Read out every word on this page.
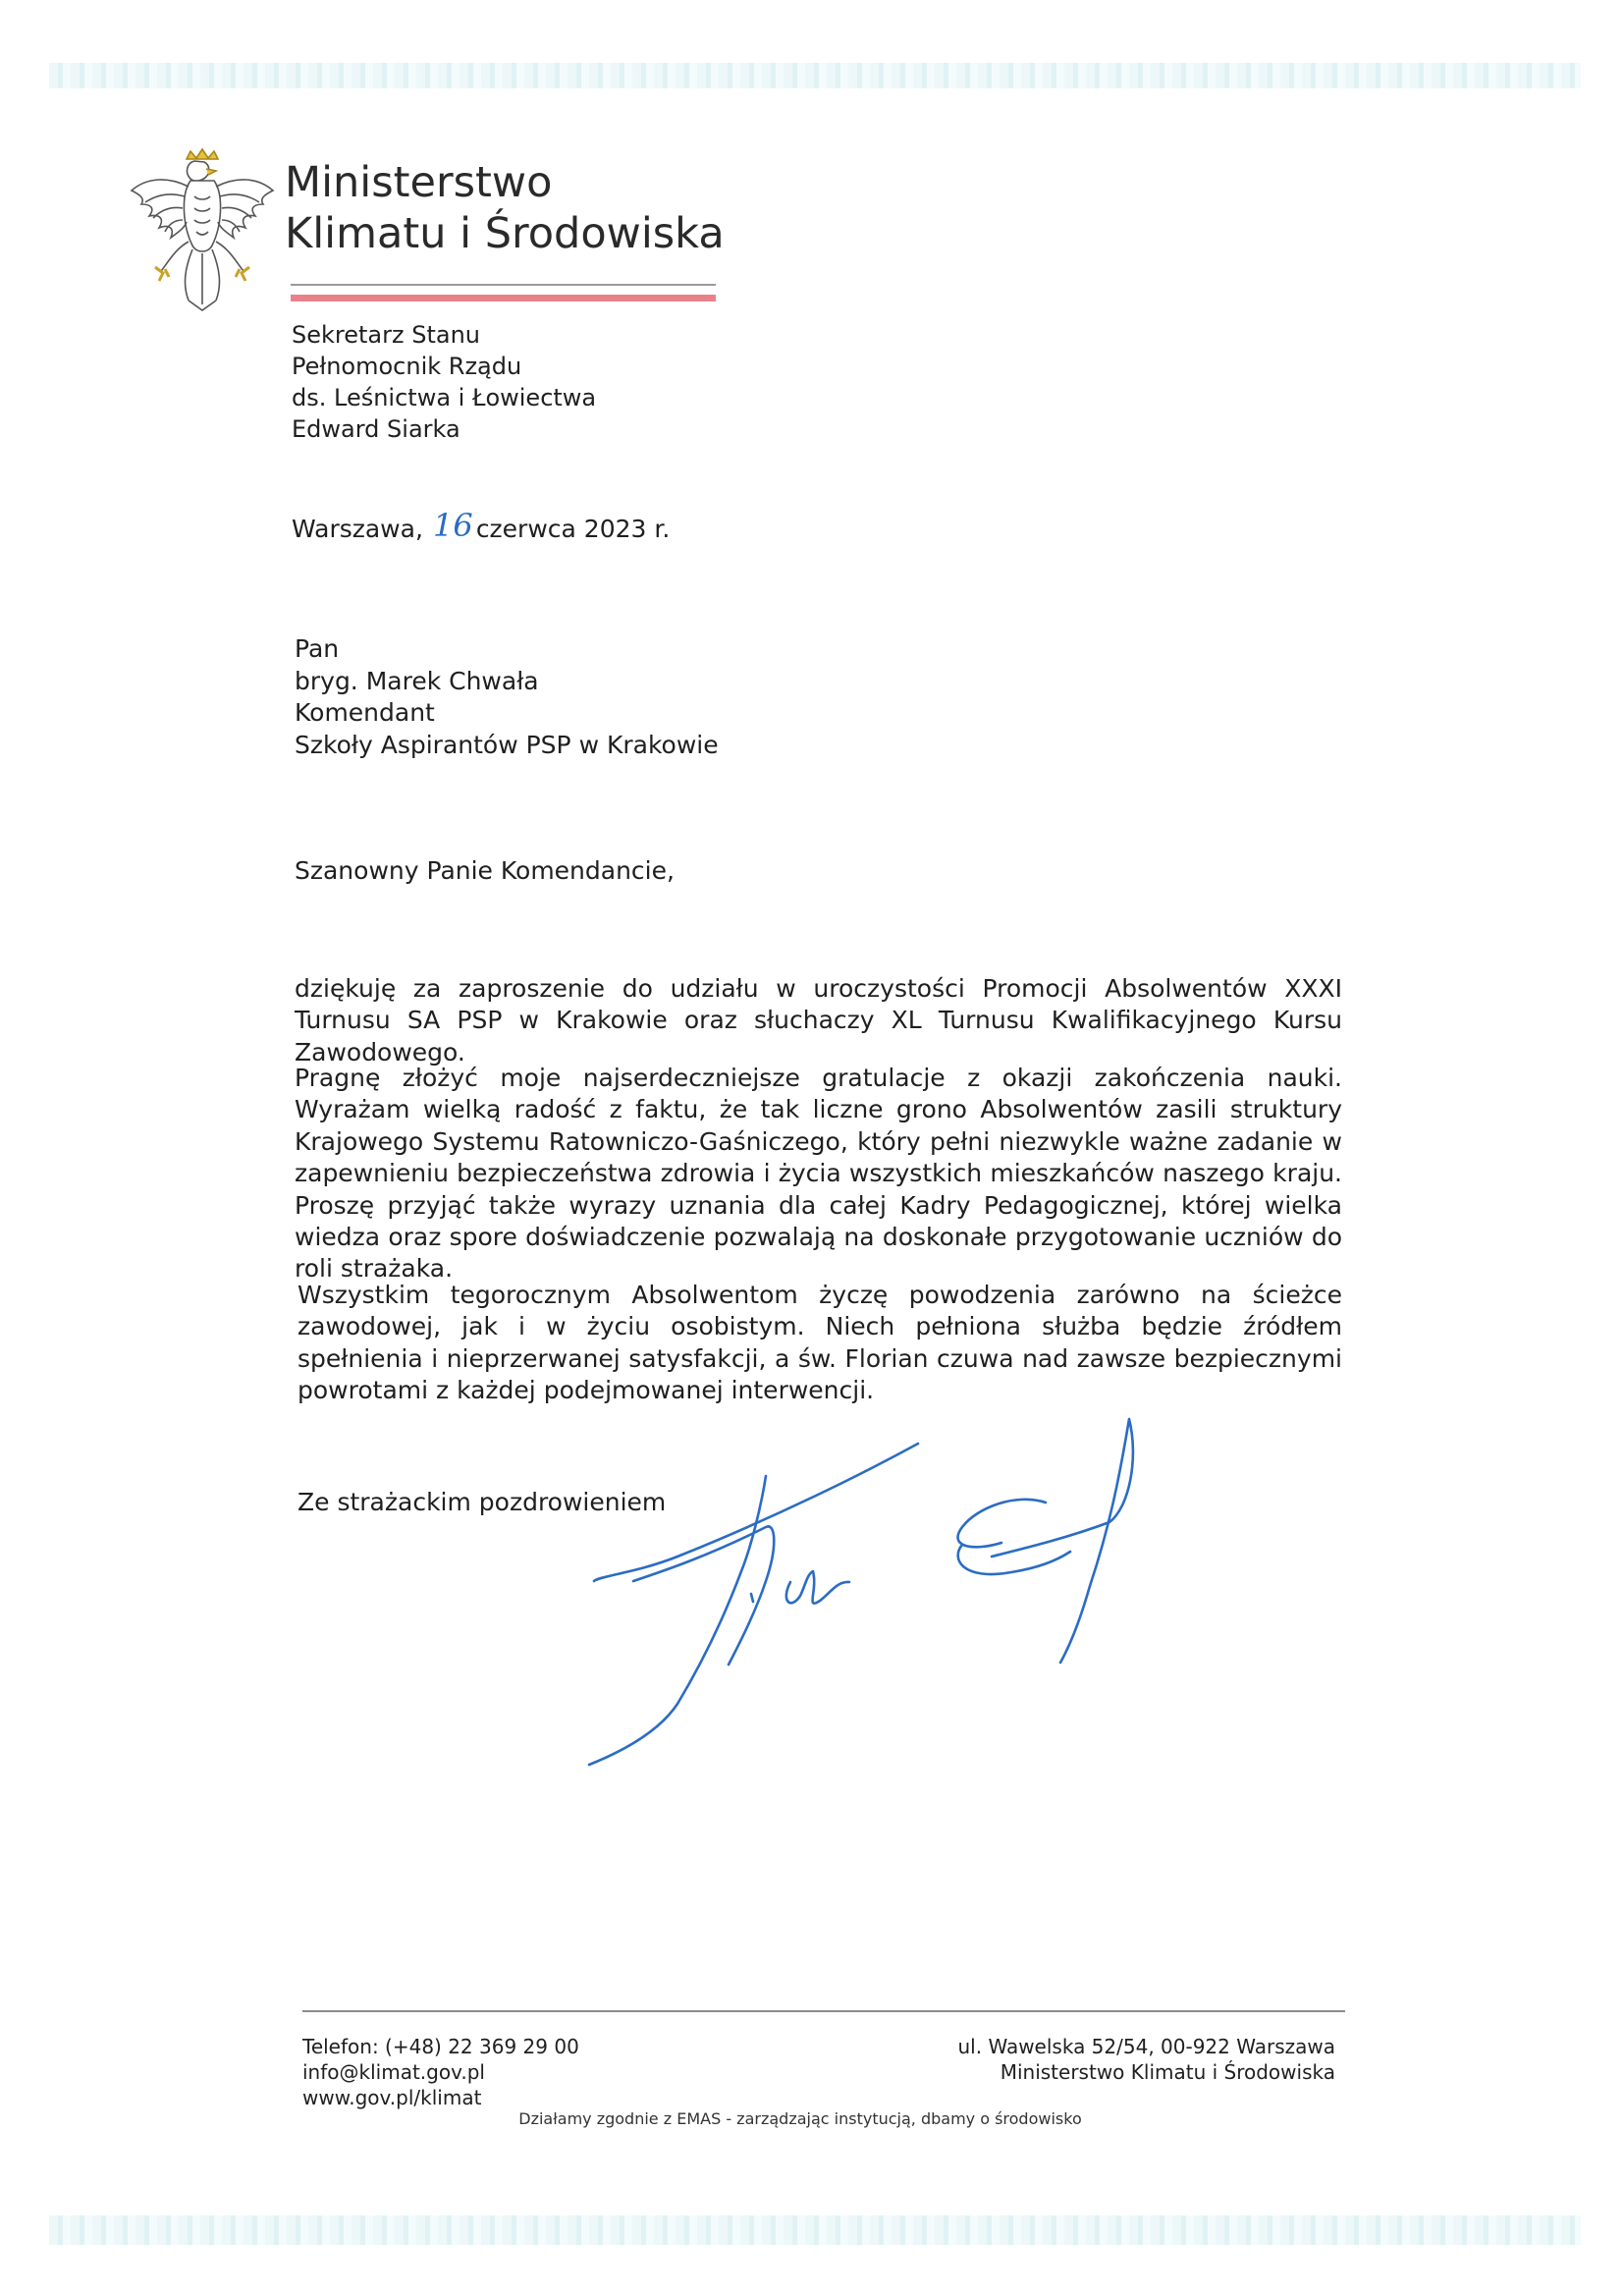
Ministerstwo
Klimatu i Środowiska
Sekretarz Stanu
Pełnomocnik Rządu
ds. Leśnictwa i Łowiectwa
Edward Siarka
Warszawa, 16 czerwca 2023 r.
Pan
bryg. Marek Chwała
Komendant
Szkoły Aspirantów PSP w Krakowie
Szanowny Panie Komendancie,
dziękuję za zaproszenie do udziału w uroczystości Promocji Absolwentów XXXI Turnusu SA PSP w Krakowie oraz słuchaczy XL Turnusu Kwalifikacyjnego Kursu Zawodowego.
Pragnę złożyć moje najserdeczniejsze gratulacje z okazji zakończenia nauki. Wyrażam wielką radość z faktu, że tak liczne grono Absolwentów zasili struktury Krajowego Systemu Ratowniczo-Gaśniczego, który pełni niezwykle ważne zadanie w zapewnieniu bezpieczeństwa zdrowia i życia wszystkich mieszkańców naszego kraju. Proszę przyjąć także wyrazy uznania dla całej Kadry Pedagogicznej, której wielka wiedza oraz spore doświadczenie pozwalają na doskonałe przygotowanie uczniów do roli strażaka.
Wszystkim tegorocznym Absolwentom życzę powodzenia zarówno na ścieżce zawodowej, jak i w życiu osobistym. Niech pełniona służba będzie źródłem spełnienia i nieprzerwanej satysfakcji, a św. Florian czuwa nad zawsze bezpiecznymi powrotami z każdej podejmowanej interwencji.
Ze strażackim pozdrowieniem
Telefon: (+48) 22 369 29 00
info@klimat.gov.pl
www.gov.pl/klimat
ul. Wawelska 52/54, 00-922 Warszawa
Ministerstwo Klimatu i Środowiska
Działamy zgodnie z EMAS - zarządzając instytucją, dbamy o środowisko
